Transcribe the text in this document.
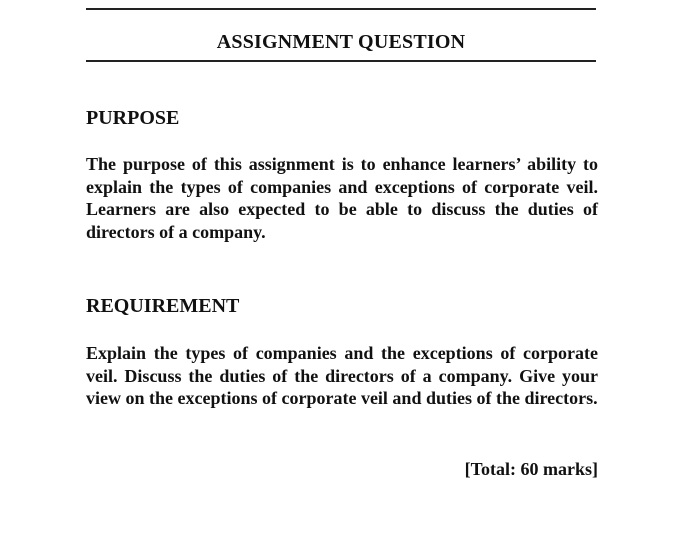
ASSIGNMENT QUESTION
PURPOSE

The purpose of this assignment is to enhance learners’ ability to explain the types of companies and exceptions of corporate veil. Learners are also expected to be able to discuss the duties of directors of a company.

REQUIREMENT

Explain the types of companies and the exceptions of corporate veil. Discuss the duties of the directors of a company. Give your view on the exceptions of corporate veil and duties of the directors.

[Total: 60 marks]
